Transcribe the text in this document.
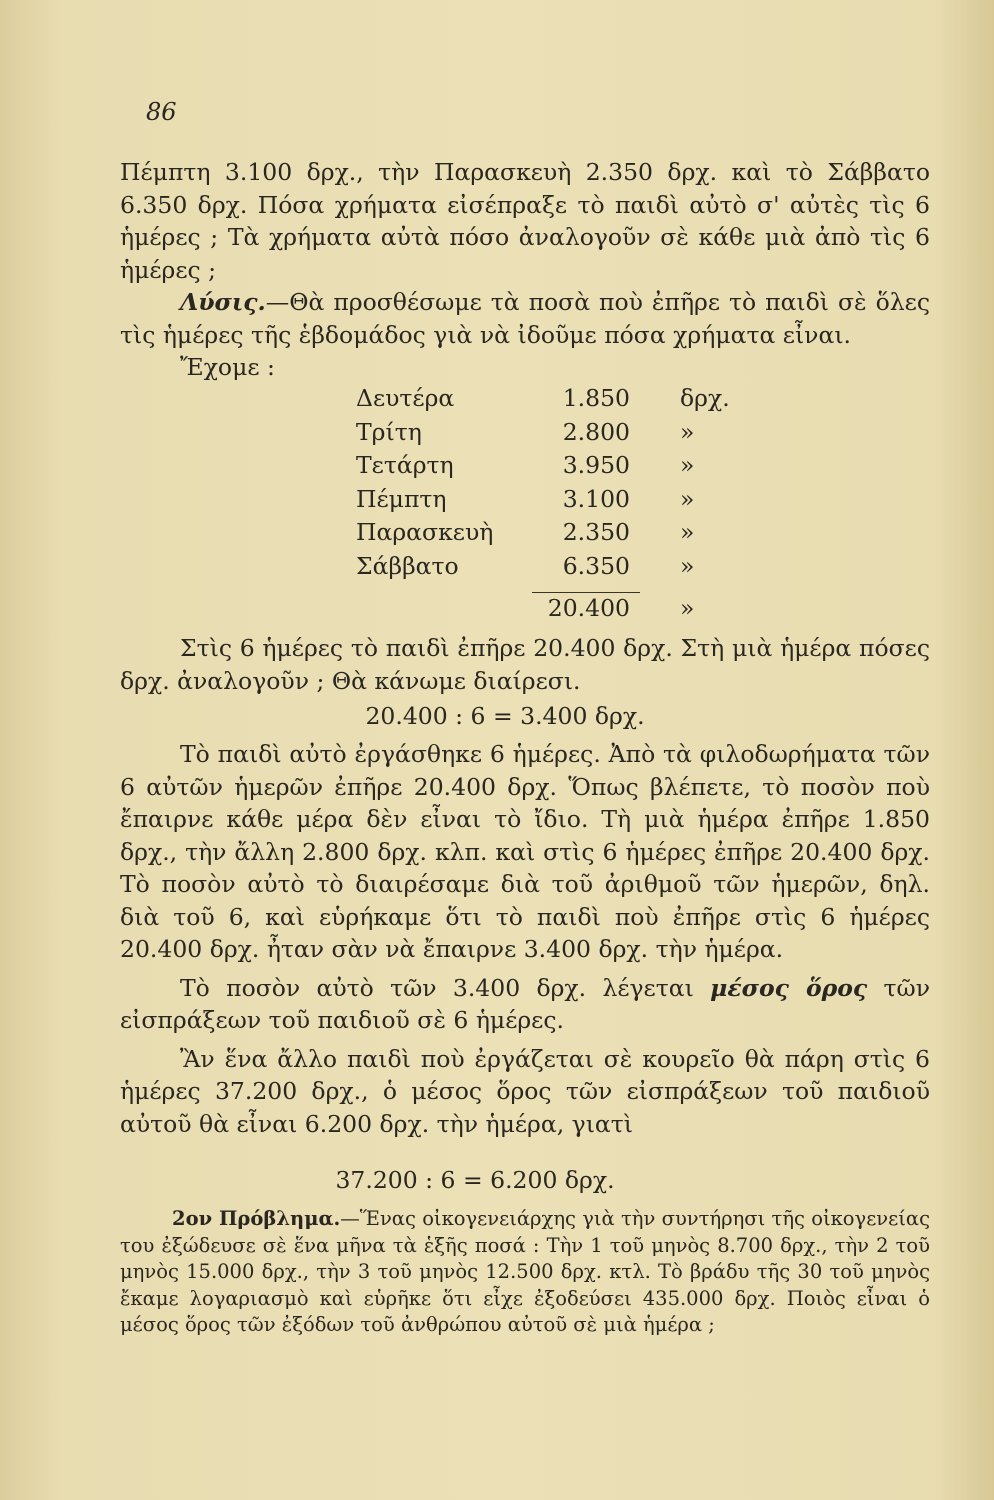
86

Πέμπτη 3.100 δρχ., τὴν Παρασκευὴ 2.350 δρχ. καὶ τὸ Σάββατο 6.350 δρχ. Πόσα χρήματα εἰσέπραξε τὸ παιδὶ αὐτὸ σ' αὐτὲς τὶς 6 ἡμέρες ; Τὰ χρήματα αὐτὰ πόσο ἀναλογοῦν σὲ κάθε μιὰ ἀπὸ τὶς 6 ἡμέρες ;

Λύσις.—Θὰ προσθέσωμε τὰ ποσὰ ποὺ ἐπῆρε τὸ παιδὶ σὲ ὅλες τὶς ἡμέρες τῆς ἑβδομάδος γιὰ νὰ ἰδοῦμε πόσα χρήματα εἶναι.

Ἔχομε :

Δευτέρα	1.850 δρχ.
Τρίτη	2.800 »
Τετάρτη	3.950 »
Πέμπτη	3.100 »
Παρασκευὴ	2.350 »
Σάββατο	6.350 »
20.400 »

Στὶς 6 ἡμέρες τὸ παιδὶ ἐπῆρε 20.400 δρχ. Στὴ μιὰ ἡμέρα πόσες δρχ. ἀναλογοῦν ; Θὰ κάνωμε διαίρεσι.

20.400 : 6 = 3.400 δρχ.

Τὸ παιδὶ αὐτὸ ἐργάσθηκε 6 ἡμέρες. Ἀπὸ τὰ φιλοδωρήματα τῶν 6 αὐτῶν ἡμερῶν ἐπῆρε 20.400 δρχ. Ὅπως βλέπετε, τὸ ποσὸν ποὺ ἔπαιρνε κάθε μέρα δὲν εἶναι τὸ ἴδιο. Τὴ μιὰ ἡμέρα ἐπῆρε 1.850 δρχ., τὴν ἄλλη 2.800 δρχ. κλπ. καὶ στὶς 6 ἡμέρες ἐπῆρε 20.400 δρχ. Τὸ ποσὸν αὐτὸ τὸ διαιρέσαμε διὰ τοῦ ἀριθμοῦ τῶν ἡμερῶν, δηλ. διὰ τοῦ 6, καὶ εὑρήκαμε ὅτι τὸ παιδὶ ποὺ ἐπῆρε στὶς 6 ἡμέρες 20.400 δρχ. ἦταν σὰν νὰ ἔπαιρνε 3.400 δρχ. τὴν ἡμέρα.

Τὸ ποσὸν αὐτὸ τῶν 3.400 δρχ. λέγεται μέσος ὅρος τῶν εἰσπράξεων τοῦ παιδιοῦ σὲ 6 ἡμέρες.

Ἂν ἕνα ἄλλο παιδὶ ποὺ ἐργάζεται σὲ κουρεῖο θὰ πάρη στὶς 6 ἡμέρες 37.200 δρχ., ὁ μέσος ὅρος τῶν εἰσπράξεων τοῦ παιδιοῦ αὐτοῦ θὰ εἶναι 6.200 δρχ. τὴν ἡμέρα, γιατὶ

37.200 : 6 = 6.200 δρχ.

2ον Πρόβλημα.—Ἕνας οἰκογενειάρχης γιὰ τὴν συντήρησι τῆς οἰκογενείας του ἐξώδευσε σὲ ἕνα μῆνα τὰ ἑξῆς ποσά : Τὴν 1 τοῦ μηνὸς 8.700 δρχ., τὴν 2 τοῦ μηνὸς 15.000 δρχ., τὴν 3 τοῦ μηνὸς 12.500 δρχ. κτλ. Τὸ βράδυ τῆς 30 τοῦ μηνὸς ἔκαμε λογαριασμὸ καὶ εὑρῆκε ὅτι εἶχε ἐξοδεύσει 435.000 δρχ. Ποιὸς εἶναι ὁ μέσος ὅρος τῶν ἐξόδων τοῦ ἀνθρώπου αὐτοῦ σὲ μιὰ ἡμέρα ;
